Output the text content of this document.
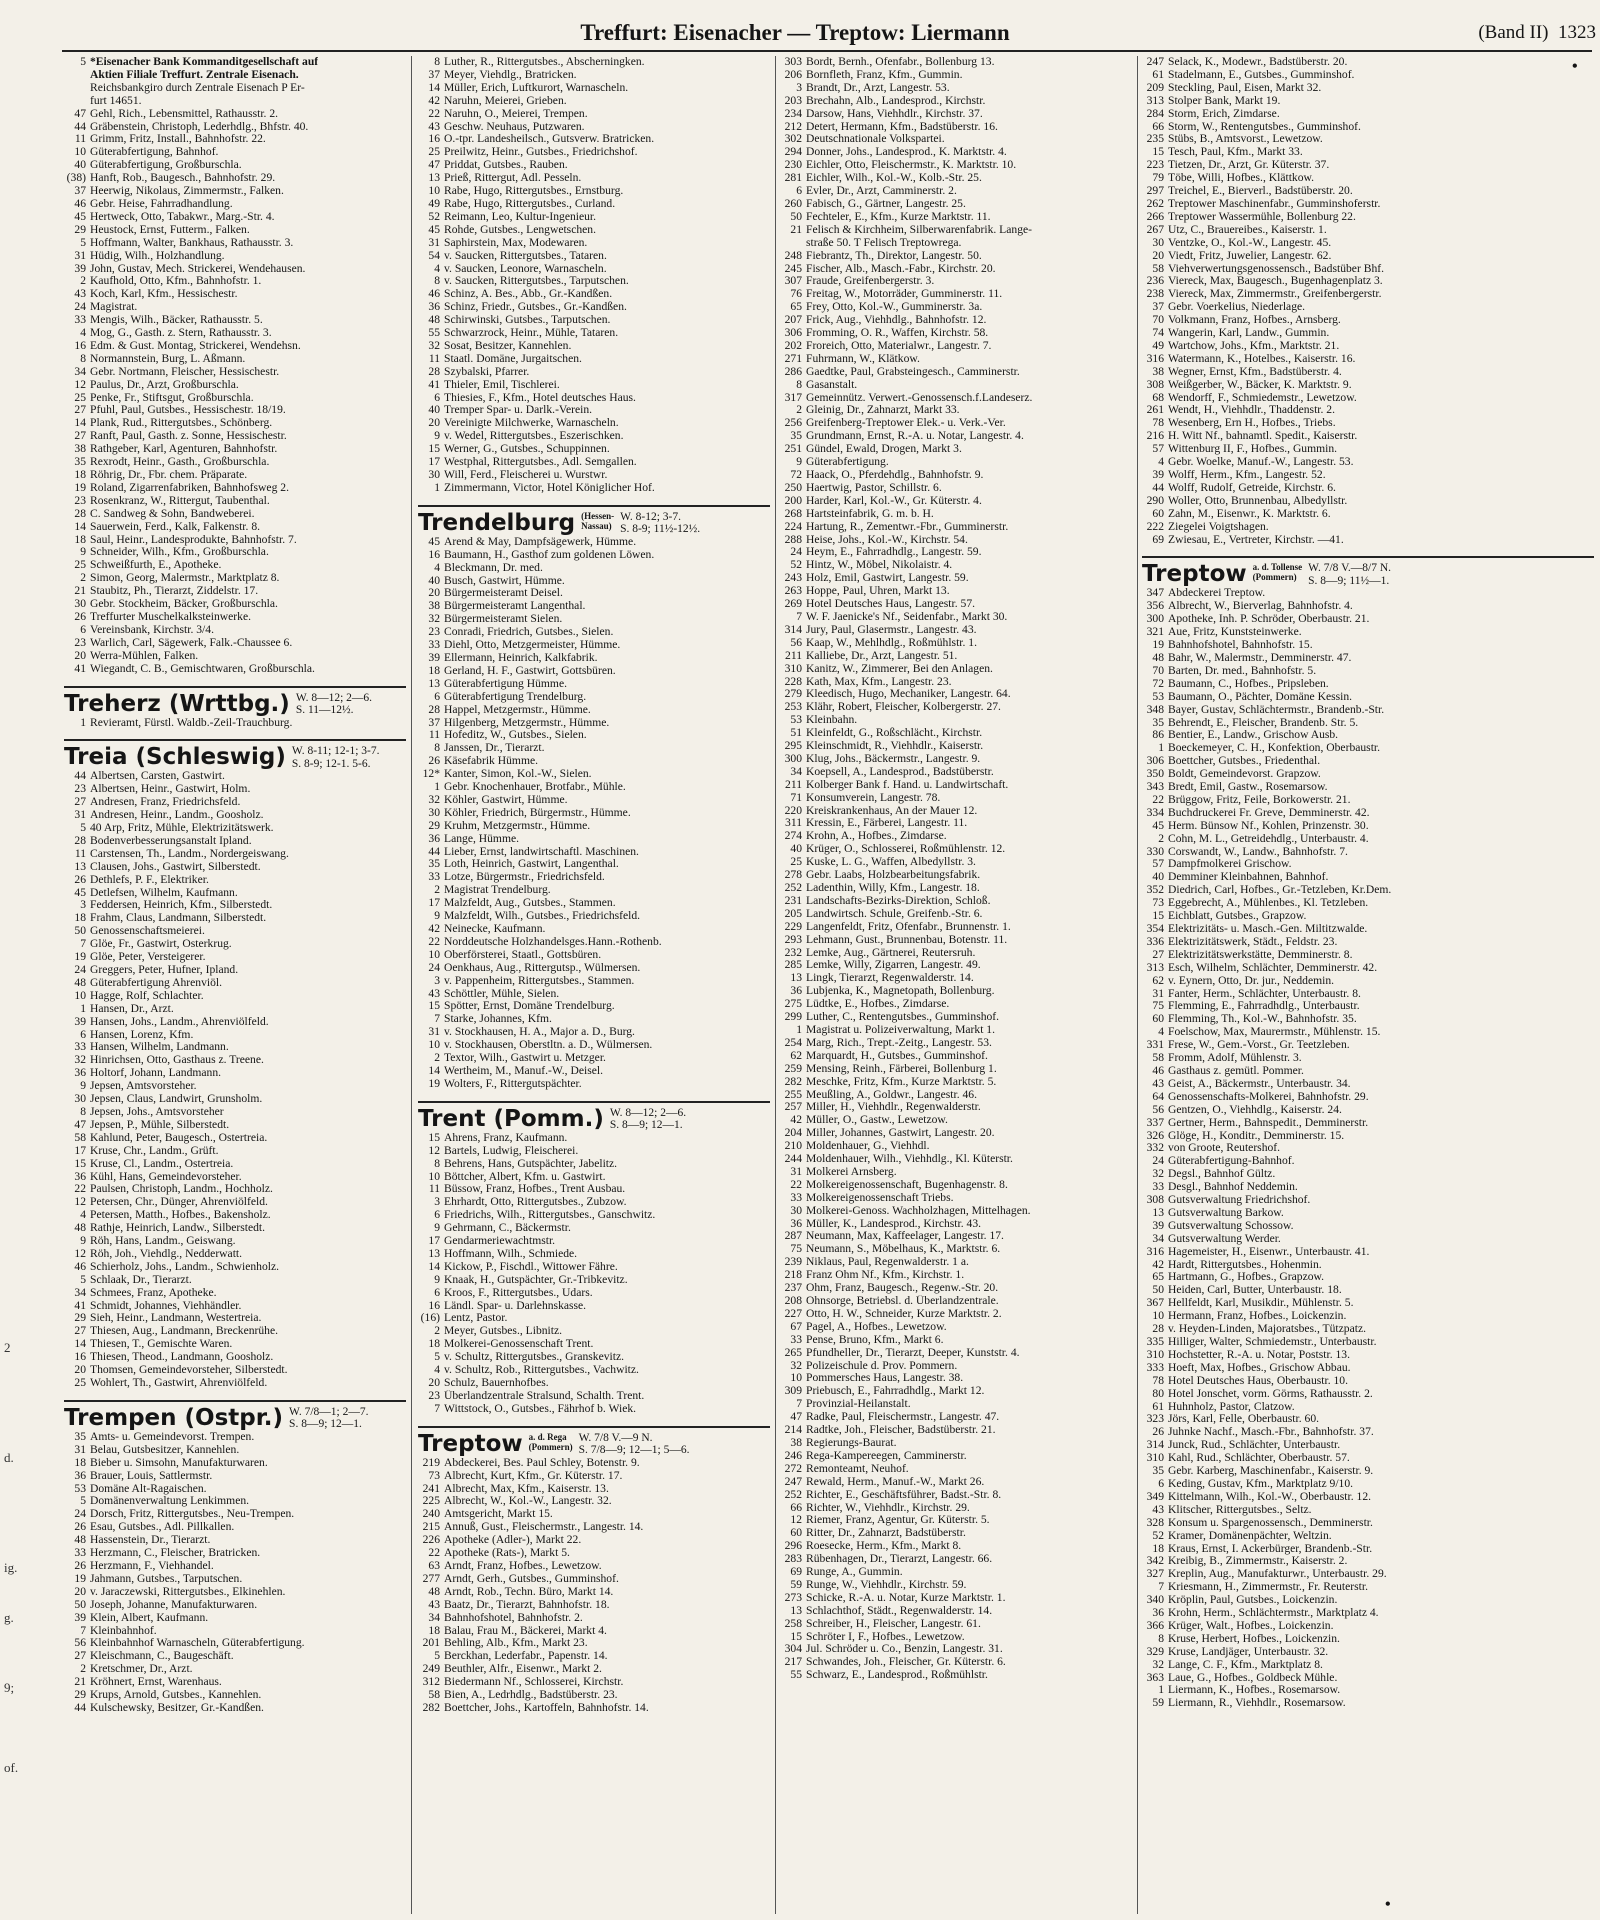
Treffurt: Eisenacher — Treptow: Liermann	(Band II) 1323
•
•
2
d.
ig.
g.
9;
of.
5 *Eisenacher Bank Kommanditgesellschaft auf
Aktien Filiale Treffurt. Zentrale Eisenach.
Reichsbankgiro durch Zentrale Eisenach P Er-
furt 14651.
47 Gehl, Rich., Lebensmittel, Rathausstr. 2.
44 Gräbenstein, Christoph, Lederhdlg., Bhfstr. 40.
11 Grimm, Fritz, Install., Bahnhofstr. 22.
10 Güterabfertigung, Bahnhof.
40 Güterabfertigung, Großburschla.
(38) Hanft, Rob., Baugesch., Bahnhofstr. 29.
37 Heerwig, Nikolaus, Zimmermstr., Falken.
46 Gebr. Heise, Fahrradhandlung.
45 Hertweck, Otto, Tabakwr., Marg.-Str. 4.
29 Heustock, Ernst, Futterm., Falken.
5 Hoffmann, Walter, Bankhaus, Rathausstr. 3.
31 Hüdig, Wilh., Holzhandlung.
39 John, Gustav, Mech. Strickerei, Wendehausen.
2 Kaufhold, Otto, Kfm., Bahnhofstr. 1.
43 Koch, Karl, Kfm., Hessischestr.
24 Magistrat.
33 Mengis, Wilh., Bäcker, Rathausstr. 5.
4 Mog, G., Gasth. z. Stern, Rathausstr. 3.
16 Edm. & Gust. Montag, Strickerei, Wendehsn.
8 Normannstein, Burg, L. Aßmann.
34 Gebr. Nortmann, Fleischer, Hessischestr.
12 Paulus, Dr., Arzt, Großburschla.
25 Penke, Fr., Stiftsgut, Großburschla.
27 Pfuhl, Paul, Gutsbes., Hessischestr. 18/19.
14 Plank, Rud., Rittergutsbes., Schönberg.
27 Ranft, Paul, Gasth. z. Sonne, Hessischestr.
38 Rathgeber, Karl, Agenturen, Bahnhofstr.
35 Rexrodt, Heinr., Gasth., Großburschla.
18 Röhrig, Dr., Fbr. chem. Präparate.
19 Roland, Zigarrenfabriken, Bahnhofsweg 2.
23 Rosenkranz, W., Rittergut, Taubenthal.
28 C. Sandweg & Sohn, Bandweberei.
14 Sauerwein, Ferd., Kalk, Falkenstr. 8.
18 Saul, Heinr., Landesprodukte, Bahnhofstr. 7.
9 Schneider, Wilh., Kfm., Großburschla.
25 Schweißfurth, E., Apotheke.
2 Simon, Georg, Malermstr., Marktplatz 8.
21 Staubitz, Ph., Tierarzt, Ziddelstr. 17.
30 Gebr. Stockheim, Bäcker, Großburschla.
26 Treffurter Muschelkalksteinwerke.
6 Vereinsbank, Kirchstr. 3/4.
23 Warlich, Carl, Sägewerk, Falk.-Chaussee 6.
20 Werra-Mühlen, Falken.
41 Wiegandt, C. B., Gemischtwaren, Großburschla.
Treherz (Wrttbg.) W. 8—12; 2—6.
S. 11—12½.
1 Revieramt, Fürstl. Waldb.-Zeil-Trauchburg.
Treia (Schleswig) W. 8-11; 12-1; 3-7.
S. 8-9; 12-1. 5-6.
44 Albertsen, Carsten, Gastwirt.
23 Albertsen, Heinr., Gastwirt, Holm.
27 Andresen, Franz, Friedrichsfeld.
31 Andresen, Heinr., Landm., Goosholz.
5 40 Arp, Fritz, Mühle, Elektrizitätswerk.
28 Bodenverbesserungsanstalt Ipland.
11 Carstensen, Th., Landm., Nordergeiswang.
13 Clausen, Johs., Gastwirt, Silberstedt.
26 Dethlefs, P. F., Elektriker.
45 Detlefsen, Wilhelm, Kaufmann.
3 Feddersen, Heinrich, Kfm., Silberstedt.
18 Frahm, Claus, Landmann, Silberstedt.
50 Genossenschaftsmeierei.
7 Glöe, Fr., Gastwirt, Osterkrug.
19 Glöe, Peter, Versteigerer.
24 Greggers, Peter, Hufner, Ipland.
48 Güterabfertigung Ahrenviöl.
10 Hagge, Rolf, Schlachter.
1 Hansen, Dr., Arzt.
39 Hansen, Johs., Landm., Ahrenviölfeld.
6 Hansen, Lorenz, Kfm.
33 Hansen, Wilhelm, Landmann.
32 Hinrichsen, Otto, Gasthaus z. Treene.
36 Holtorf, Johann, Landmann.
9 Jepsen, Amtsvorsteher.
30 Jepsen, Claus, Landwirt, Grunsholm.
8 Jepsen, Johs., Amtsvorsteher
47 Jepsen, P., Mühle, Silberstedt.
58 Kahlund, Peter, Baugesch., Ostertreia.
17 Kruse, Chr., Landm., Grüft.
15 Kruse, Cl., Landm., Ostertreia.
36 Kühl, Hans, Gemeindevorsteher.
22 Paulsen, Christoph, Landm., Hochholz.
12 Petersen, Chr., Dünger, Ahrenviölfeld.
4 Petersen, Matth., Hofbes., Bakensholz.
48 Rathje, Heinrich, Landw., Silberstedt.
9 Röh, Hans, Landm., Geiswang.
12 Röh, Joh., Viehdlg., Nedderwatt.
46 Schierholz, Johs., Landm., Schwienholz.
5 Schlaak, Dr., Tierarzt.
34 Schmees, Franz, Apotheke.
41 Schmidt, Johannes, Viehhändler.
29 Sieh, Heinr., Landmann, Westertreia.
27 Thiesen, Aug., Landmann, Breckenrühe.
14 Thiesen, T., Gemischte Waren.
16 Thiesen, Theod., Landmann, Goosholz.
20 Thomsen, Gemeindevorsteher, Silberstedt.
25 Wohlert, Th., Gastwirt, Ahrenviölfeld.
Trempen (Ostpr.) W. 7/8—1; 2—7.
S. 8—9; 12—1.
35 Amts- u. Gemeindevorst. Trempen.
31 Belau, Gutsbesitzer, Kannehlen.
18 Bieber u. Simsohn, Manufakturwaren.
36 Brauer, Louis, Sattlermstr.
53 Domäne Alt-Ragaischen.
5 Domänenverwaltung Lenkimmen.
24 Dorsch, Fritz, Rittergutsbes., Neu-Trempen.
26 Esau, Gutsbes., Adl. Pillkallen.
48 Hassenstein, Dr., Tierarzt.
33 Herzmann, C., Fleischer, Bratricken.
26 Herzmann, F., Viehhandel.
19 Jahmann, Gutsbes., Tarputschen.
20 v. Jaraczewski, Rittergutsbes., Elkinehlen.
50 Joseph, Johanne, Manufakturwaren.
39 Klein, Albert, Kaufmann.
7 Kleinbahnhof.
56 Kleinbahnhof Warnascheln, Güterabfertigung.
27 Kleischmann, C., Baugeschäft.
2 Kretschmer, Dr., Arzt.
21 Kröhnert, Ernst, Warenhaus.
29 Krups, Arnold, Gutsbes., Kannehlen.
44 Kulschewsky, Besitzer, Gr.-Kandßen.
8 Luther, R., Rittergutsbes., Abscherningken.
37 Meyer, Viehdlg., Bratricken.
14 Müller, Erich, Luftkurort, Warnascheln.
42 Naruhn, Meierei, Grieben.
22 Naruhn, O., Meierei, Trempen.
43 Geschw. Neuhaus, Putzwaren.
16 O.-tpr. Landesheilsch., Gutsverw. Bratricken.
25 Preilwitz, Heinr., Gutsbes., Friedrichshof.
47 Priddat, Gutsbes., Rauben.
13 Prieß, Rittergut, Adl. Pesseln.
10 Rabe, Hugo, Rittergutsbes., Ernstburg.
49 Rabe, Hugo, Rittergutsbes., Curland.
52 Reimann, Leo, Kultur-Ingenieur.
45 Rohde, Gutsbes., Lengwetschen.
31 Saphirstein, Max, Modewaren.
54 v. Saucken, Rittergutsbes., Tataren.
4 v. Saucken, Leonore, Warnascheln.
8 v. Saucken, Rittergutsbes., Tarputschen.
46 Schinz, A. Bes., Abb., Gr.-Kandßen.
36 Schinz, Friedr., Gutsbes., Gr.-Kandßen.
48 Schirwinski, Gutsbes., Tarputschen.
55 Schwarzrock, Heinr., Mühle, Tataren.
32 Sosat, Besitzer, Kannehlen.
11 Staatl. Domäne, Jurgaitschen.
28 Szybalski, Pfarrer.
41 Thieler, Emil, Tischlerei.
6 Thiesies, F., Kfm., Hotel deutsches Haus.
40 Tremper Spar- u. Darlk.-Verein.
20 Vereinigte Milchwerke, Warnascheln.
9 v. Wedel, Rittergutsbes., Eszerischken.
15 Werner, G., Gutsbes., Schuppinnen.
17 Westphal, Rittergutsbes., Adl. Semgallen.
30 Will, Ferd., Fleischerei u. Wurstwr.
1 Zimmermann, Victor, Hotel Königlicher Hof.
Trendelburg (Hessen-
Nassau)
W. 8-12; 3-7.
S. 8-9; 11½-12½.
45 Arend & May, Dampfsägewerk, Hümme.
16 Baumann, H., Gasthof zum goldenen Löwen.
4 Bleckmann, Dr. med.
40 Busch, Gastwirt, Hümme.
20 Bürgermeisteramt Deisel.
38 Bürgermeisteramt Langenthal.
32 Bürgermeisteramt Sielen.
23 Conradi, Friedrich, Gutsbes., Sielen.
33 Diehl, Otto, Metzgermeister, Hümme.
39 Ellermann, Heinrich, Kalkfabrik.
18 Gerland, H. F., Gastwirt, Gottsbüren.
13 Güterabfertigung Hümme.
6 Güterabfertigung Trendelburg.
28 Happel, Metzgermstr., Hümme.
37 Hilgenberg, Metzgermstr., Hümme.
11 Hofeditz, W., Gutsbes., Sielen.
8 Janssen, Dr., Tierarzt.
26 Käsefabrik Hümme.
12* Kanter, Simon, Kol.-W., Sielen.
1 Gebr. Knochenhauer, Brotfabr., Mühle.
32 Köhler, Gastwirt, Hümme.
30 Köhler, Friedrich, Bürgermstr., Hümme.
29 Kruhm, Metzgermstr., Hümme.
36 Lange, Hümme.
44 Lieber, Ernst, landwirtschaftl. Maschinen.
35 Loth, Heinrich, Gastwirt, Langenthal.
33 Lotze, Bürgermstr., Friedrichsfeld.
2 Magistrat Trendelburg.
17 Malzfeldt, Aug., Gutsbes., Stammen.
9 Malzfeldt, Wilh., Gutsbes., Friedrichsfeld.
42 Neinecke, Kaufmann.
22 Norddeutsche Holzhandelsges.Hann.-Rothenb.
10 Oberförsterei, Staatl., Gottsbüren.
24 Oenkhaus, Aug., Rittergutsp., Wülmersen.
3 v. Pappenheim, Rittergutsbes., Stammen.
43 Schöttler, Mühle, Sielen.
15 Spötter, Ernst, Domäne Trendelburg.
7 Starke, Johannes, Kfm.
31 v. Stockhausen, H. A., Major a. D., Burg.
10 v. Stockhausen, Oberstltn. a. D., Wülmersen.
2 Textor, Wilh., Gastwirt u. Metzger.
14 Wertheim, M., Manuf.-W., Deisel.
19 Wolters, F., Rittergutspächter.
Trent (Pomm.) W. 8—12; 2—6.
S. 8—9; 12—1.
15 Ahrens, Franz, Kaufmann.
12 Bartels, Ludwig, Fleischerei.
8 Behrens, Hans, Gutspächter, Jabelitz.
10 Böttcher, Albert, Kfm. u. Gastwirt.
11 Büssow, Franz, Hofbes., Trent Ausbau.
3 Ehrhardt, Otto, Rittergutsbes., Zubzow.
6 Friedrichs, Wilh., Rittergutsbes., Ganschwitz.
9 Gehrmann, C., Bäckermstr.
17 Gendarmeriewachtmstr.
13 Hoffmann, Wilh., Schmiede.
14 Kickow, P., Fischdl., Wittower Fähre.
9 Knaak, H., Gutspächter, Gr.-Tribkevitz.
6 Kroos, F., Rittergutsbes., Udars.
16 Ländl. Spar- u. Darlehnskasse.
(16) Lentz, Pastor.
2 Meyer, Gutsbes., Libnitz.
18 Molkerei-Genossenschaft Trent.
5 v. Schultz, Rittergutsbes., Granskevitz.
4 v. Schultz, Rob., Rittergutsbes., Vachwitz.
20 Schulz, Bauernhofbes.
23 Überlandzentrale Stralsund, Schalth. Trent.
7 Wittstock, O., Gutsbes., Fährhof b. Wiek.
Treptow a. d. Rega
(Pommern)
W. 7/8 V.—9 N.
S. 7/8—9; 12—1; 5—6.
219 Abdeckerei, Bes. Paul Schley, Botenstr. 9.
73 Albrecht, Kurt, Kfm., Gr. Küterstr. 17.
241 Albrecht, Max, Kfm., Kaiserstr. 13.
225 Albrecht, W., Kol.-W., Langestr. 32.
240 Amtsgericht, Markt 15.
215 Annuß, Gust., Fleischermstr., Langestr. 14.
226 Apotheke (Adler-), Markt 22.
22 Apotheke (Rats-), Markt 5.
63 Arndt, Franz, Hofbes., Lewetzow.
277 Arndt, Gerh., Gutsbes., Gumminshof.
48 Arndt, Rob., Techn. Büro, Markt 14.
43 Baatz, Dr., Tierarzt, Bahnhofstr. 18.
34 Bahnhofshotel, Bahnhofstr. 2.
18 Balau, Frau M., Bäckerei, Markt 4.
201 Behling, Alb., Kfm., Markt 23.
5 Berckhan, Lederfabr., Papenstr. 14.
249 Beuthler, Alfr., Eisenwr., Markt 2.
312 Biedermann Nf., Schlosserei, Kirchstr.
58 Bien, A., Ledrhdlg., Badstüberstr. 23.
282 Boettcher, Johs., Kartoffeln, Bahnhofstr. 14.
303 Bordt, Bernh., Ofenfabr., Bollenburg 13.
206 Bornfleth, Franz, Kfm., Gummin.
3 Brandt, Dr., Arzt, Langestr. 53.
203 Brechahn, Alb., Landesprod., Kirchstr.
234 Darsow, Hans, Viehhdlr., Kirchstr. 37.
212 Detert, Hermann, Kfm., Badstüberstr. 16.
302 Deutschnationale Volkspartei.
294 Donner, Johs., Landesprod., K. Marktstr. 4.
230 Eichler, Otto, Fleischermstr., K. Marktstr. 10.
281 Eichler, Wilh., Kol.-W., Kolb.-Str. 25.
6 Evler, Dr., Arzt, Camminerstr. 2.
260 Fabisch, G., Gärtner, Langestr. 25.
50 Fechteler, E., Kfm., Kurze Marktstr. 11.
21 Felisch & Kirchheim, Silberwarenfabrik. Lange-
straße 50. T Felisch Treptowrega.
248 Fiebrantz, Th., Direktor, Langestr. 50.
245 Fischer, Alb., Masch.-Fabr., Kirchstr. 20.
307 Fraude, Greifenbergerstr. 3.
76 Freitag, W., Motorräder, Gumminerstr. 11.
65 Frey, Otto, Kol.-W., Gumminerstr. 3a.
207 Frick, Aug., Viehhdlg., Bahnhofstr. 12.
306 Fromming, O. R., Waffen, Kirchstr. 58.
202 Froreich, Otto, Materialwr., Langestr. 7.
271 Fuhrmann, W., Klätkow.
286 Gaedtke, Paul, Grabsteingesch., Camminerstr.
8 Gasanstalt.
317 Gemeinnütz. Verwert.-Genossensch.f.Landeserz.
2 Gleinig, Dr., Zahnarzt, Markt 33.
256 Greifenberg-Treptower Elek.- u. Verk.-Ver.
35 Grundmann, Ernst, R.-A. u. Notar, Langestr. 4.
251 Gündel, Ewald, Drogen, Markt 3.
9 Güterabfertigung.
72 Haack, O., Pferdehdlg., Bahnhofstr. 9.
250 Haertwig, Pastor, Schillstr. 6.
200 Harder, Karl, Kol.-W., Gr. Küterstr. 4.
268 Hartsteinfabrik, G. m. b. H.
224 Hartung, R., Zementwr.-Fbr., Gumminerstr.
288 Heise, Johs., Kol.-W., Kirchstr. 54.
24 Heym, E., Fahrradhdlg., Langestr. 59.
52 Hintz, W., Möbel, Nikolaistr. 4.
243 Holz, Emil, Gastwirt, Langestr. 59.
263 Hoppe, Paul, Uhren, Markt 13.
269 Hotel Deutsches Haus, Langestr. 57.
7 W. F. Jaenicke's Nf., Seidenfabr., Markt 30.
314 Jury, Paul, Glasermstr., Langestr. 43.
56 Kaap, W., Mehlhdlg., Roßmühlstr. 1.
211 Kalliebe, Dr., Arzt, Langestr. 51.
310 Kanitz, W., Zimmerer, Bei den Anlagen.
228 Kath, Max, Kfm., Langestr. 23.
279 Kleedisch, Hugo, Mechaniker, Langestr. 64.
253 Klähr, Robert, Fleischer, Kolbergerstr. 27.
53 Kleinbahn.
51 Kleinfeldt, G., Roßschlächt., Kirchstr.
295 Kleinschmidt, R., Viehhdlr., Kaiserstr.
300 Klug, Johs., Bäckermstr., Langestr. 9.
34 Koepsell, A., Landesprod., Badstüberstr.
211 Kolberger Bank f. Hand. u. Landwirtschaft.
71 Konsumverein, Langestr. 78.
220 Kreiskrankenhaus, An der Mauer 12.
311 Kressin, E., Färberei, Langestr. 11.
274 Krohn, A., Hofbes., Zimdarse.
40 Krüger, O., Schlosserei, Roßmühlenstr. 12.
25 Kuske, L. G., Waffen, Albedyllstr. 3.
278 Gebr. Laabs, Holzbearbeitungsfabrik.
252 Ladenthin, Willy, Kfm., Langestr. 18.
231 Landschafts-Bezirks-Direktion, Schloß.
205 Landwirtsch. Schule, Greifenb.-Str. 6.
229 Langenfeldt, Fritz, Ofenfabr., Brunnenstr. 1.
293 Lehmann, Gust., Brunnenbau, Botenstr. 11.
232 Lemke, Aug., Gärtnerei, Reutersruh.
285 Lemke, Willy, Zigarren, Langestr. 49.
13 Lingk, Tierarzt, Regenwalderstr. 14.
36 Lubjenka, K., Magnetopath, Bollenburg.
275 Lüdtke, E., Hofbes., Zimdarse.
299 Luther, C., Rentengutsbes., Gumminshof.
1 Magistrat u. Polizeiverwaltung, Markt 1.
254 Marg, Rich., Trept.-Zeitg., Langestr. 53.
62 Marquardt, H., Gutsbes., Gumminshof.
259 Mensing, Reinh., Färberei, Bollenburg 1.
282 Meschke, Fritz, Kfm., Kurze Marktstr. 5.
255 Meußling, A., Goldwr., Langestr. 46.
257 Miller, H., Viehhdlr., Regenwalderstr.
42 Müller, O., Gastw., Lewetzow.
204 Miller, Johannes, Gastwirt, Langestr. 20.
210 Moldenhauer, G., Viehhdl.
244 Moldenhauer, Wilh., Viehhdlg., Kl. Küterstr.
31 Molkerei Arnsberg.
22 Molkereigenossenschaft, Bugenhagenstr. 8.
33 Molkereigenossenschaft Triebs.
30 Molkerei-Genoss. Wachholzhagen, Mittelhagen.
36 Müller, K., Landesprod., Kirchstr. 43.
287 Neumann, Max, Kaffeelager, Langestr. 17.
75 Neumann, S., Möbelhaus, K., Marktstr. 6.
239 Niklaus, Paul, Regenwalderstr. 1 a.
218 Franz Ohm Nf., Kfm., Kirchstr. 1.
237 Ohm, Franz, Baugesch., Regenw.-Str. 20.
208 Ohnsorge, Betriebsl. d. Überlandzentrale.
227 Otto, H. W., Schneider, Kurze Marktstr. 2.
67 Pagel, A., Hofbes., Lewetzow.
33 Pense, Bruno, Kfm., Markt 6.
265 Pfundheller, Dr., Tierarzt, Deeper, Kunststr. 4.
32 Polizeischule d. Prov. Pommern.
10 Pommersches Haus, Langestr. 38.
309 Priebusch, E., Fahrradhdlg., Markt 12.
7 Provinzial-Heilanstalt.
47 Radke, Paul, Fleischermstr., Langestr. 47.
214 Radtke, Joh., Fleischer, Badstüberstr. 21.
38 Regierungs-Baurat.
246 Rega-Kampereegen, Camminerstr.
272 Remonteamt, Neuhof.
247 Rewald, Herm., Manuf.-W., Markt 26.
252 Richter, E., Geschäftsführer, Badst.-Str. 8.
66 Richter, W., Viehhdlr., Kirchstr. 29.
12 Riemer, Franz, Agentur, Gr. Küterstr. 5.
60 Ritter, Dr., Zahnarzt, Badstüberstr.
296 Roesecke, Herm., Kfm., Markt 8.
283 Rübenhagen, Dr., Tierarzt, Langestr. 66.
69 Runge, A., Gummin.
59 Runge, W., Viehhdlr., Kirchstr. 59.
273 Schicke, R.-A. u. Notar, Kurze Marktstr. 1.
13 Schlachthof, Städt., Regenwalderstr. 14.
258 Schreiber, H., Fleischer, Langestr. 61.
15 Schröter I, F., Hofbes., Lewetzow.
304 Jul. Schröder u. Co., Benzin, Langestr. 31.
217 Schwandes, Joh., Fleischer, Gr. Küterstr. 6.
55 Schwarz, E., Landesprod., Roßmühlstr.
247 Selack, K., Modewr., Badstüberstr. 20.
61 Stadelmann, E., Gutsbes., Gumminshof.
209 Steckling, Paul, Eisen, Markt 32.
313 Stolper Bank, Markt 19.
284 Storm, Erich, Zimdarse.
66 Storm, W., Rentengutsbes., Gumminshof.
235 Stübs, B., Amtsvorst., Lewetzow.
15 Tesch, Paul, Kfm., Markt 33.
223 Tietzen, Dr., Arzt, Gr. Küterstr. 37.
79 Töbe, Willi, Hofbes., Klättkow.
297 Treichel, E., Bierverl., Badstüberstr. 20.
262 Treptower Maschinenfabr., Gumminshoferstr.
266 Treptower Wassermühle, Bollenburg 22.
267 Utz, C., Brauereibes., Kaiserstr. 1.
30 Ventzke, O., Kol.-W., Langestr. 45.
20 Viedt, Fritz, Juwelier, Langestr. 62.
58 Viehverwertungsgenossensch., Badstüber Bhf.
236 Viereck, Max, Baugesch., Bugenhagenplatz 3.
238 Viereck, Max, Zimmermstr., Greifenbergerstr.
37 Gebr. Voerkelius, Niederlage.
70 Volkmann, Franz, Hofbes., Arnsberg.
74 Wangerin, Karl, Landw., Gummin.
49 Wartchow, Johs., Kfm., Marktstr. 21.
316 Watermann, K., Hotelbes., Kaiserstr. 16.
38 Wegner, Ernst, Kfm., Badstüberstr. 4.
308 Weißgerber, W., Bäcker, K. Marktstr. 9.
68 Wendorff, F., Schmiedemstr., Lewetzow.
261 Wendt, H., Viehhdlr., Thaddenstr. 2.
78 Wesenberg, Ern H., Hofbes., Triebs.
216 H. Witt Nf., bahnamtl. Spedit., Kaiserstr.
57 Wittenburg II, F., Hofbes., Gummin.
4 Gebr. Woelke, Manuf.-W., Langestr. 53.
39 Wolff, Herm., Kfm., Langestr. 52.
44 Wolff, Rudolf, Getreide, Kirchstr. 6.
290 Woller, Otto, Brunnenbau, Albedyllstr.
60 Zahn, M., Eisenwr., K. Marktstr. 6.
222 Ziegelei Voigtshagen.
69 Zwiesau, E., Vertreter, Kirchstr. —41.
Treptow a. d. Tollense
(Pommern)
W. 7/8 V.—8/7 N.
S. 8—9; 11½—1.
347 Abdeckerei Treptow.
356 Albrecht, W., Bierverlag, Bahnhofstr. 4.
300 Apotheke, Inh. P. Schröder, Oberbaustr. 21.
321 Aue, Fritz, Kunststeinwerke.
19 Bahnhofshotel, Bahnhofstr. 15.
48 Bahr, W., Malermstr., Demminerstr. 47.
70 Barten, Dr. med., Bahnhofstr. 5.
72 Baumann, C., Hofbes., Pripsleben.
53 Baumann, O., Pächter, Domäne Kessin.
348 Bayer, Gustav, Schlächtermstr., Brandenb.-Str.
35 Behrendt, E., Fleischer, Brandenb. Str. 5.
86 Bentier, E., Landw., Grischow Ausb.
1 Boeckemeyer, C. H., Konfektion, Oberbaustr.
306 Boettcher, Gutsbes., Friedenthal.
350 Boldt, Gemeindevorst. Grapzow.
343 Bredt, Emil, Gastw., Rosemarsow.
22 Brüggow, Fritz, Feile, Borkowerstr. 21.
334 Buchdruckerei Fr. Greve, Demminerstr. 42.
45 Herm. Bünsow Nf., Kohlen, Prinzenstr. 30.
2 Cohn, M. L., Getreidehdlg., Unterbaustr. 4.
330 Corswandt, W., Landw., Bahnhofstr. 7.
57 Dampfmolkerei Grischow.
40 Demminer Kleinbahnen, Bahnhof.
352 Diedrich, Carl, Hofbes., Gr.-Tetzleben, Kr.Dem.
73 Eggebrecht, A., Mühlenbes., Kl. Tetzleben.
15 Eichblatt, Gutsbes., Grapzow.
354 Elektrizitäts- u. Masch.-Gen. Miltitzwalde.
336 Elektrizitätswerk, Städt., Feldstr. 23.
27 Elektrizitätswerkstätte, Demminerstr. 8.
313 Esch, Wilhelm, Schlächter, Demminerstr. 42.
62 v. Eynern, Otto, Dr. jur., Neddemin.
31 Fanter, Herm., Schlächter, Unterbaustr. 8.
75 Flemming, E., Fahrradhdlg., Unterbaustr.
60 Flemming, Th., Kol.-W., Bahnhofstr. 35.
4 Foelschow, Max, Maurermstr., Mühlenstr. 15.
331 Frese, W., Gem.-Vorst., Gr. Teetzleben.
58 Fromm, Adolf, Mühlenstr. 3.
46 Gasthaus z. gemütl. Pommer.
43 Geist, A., Bäckermstr., Unterbaustr. 34.
64 Genossenschafts-Molkerei, Bahnhofstr. 29.
56 Gentzen, O., Viehhdlg., Kaiserstr. 24.
337 Gertner, Herm., Bahnspedit., Demminerstr.
326 Glöge, H., Konditr., Demminerstr. 15.
332 von Groote, Reutershof.
24 Güterabfertigung-Bahnhof.
32 Degsl., Bahnhof Gültz.
33 Desgl., Bahnhof Neddemin.
308 Gutsverwaltung Friedrichshof.
13 Gutsverwaltung Barkow.
39 Gutsverwaltung Schossow.
34 Gutsverwaltung Werder.
316 Hagemeister, H., Eisenwr., Unterbaustr. 41.
42 Hardt, Rittergutsbes., Hohenmin.
65 Hartmann, G., Hofbes., Grapzow.
50 Heiden, Carl, Butter, Unterbaustr. 18.
367 Hellfeldt, Karl, Musikdir., Mühlenstr. 5.
10 Hermann, Franz, Hofbes., Loickenzin.
28 v. Heyden-Linden, Majoratsbes., Tützpatz.
335 Hilliger, Walter, Schmiedemstr., Unterbaustr.
310 Hochstetter, R.-A. u. Notar, Poststr. 13.
333 Hoeft, Max, Hofbes., Grischow Abbau.
78 Hotel Deutsches Haus, Oberbaustr. 10.
80 Hotel Jonschet, vorm. Görms, Rathausstr. 2.
61 Huhnholz, Pastor, Clatzow.
323 Jörs, Karl, Felle, Oberbaustr. 60.
26 Juhnke Nachf., Masch.-Fbr., Bahnhofstr. 37.
314 Junck, Rud., Schlächter, Unterbaustr.
310 Kahl, Rud., Schlächter, Oberbaustr. 57.
35 Gebr. Karberg, Maschinenfabr., Kaiserstr. 9.
6 Keding, Gustav, Kfm., Marktplatz 9/10.
349 Kittelmann, Wilh., Kol.-W., Oberbaustr. 12.
43 Klitscher, Rittergutsbes., Seltz.
328 Konsum u. Spargenossensch., Demminerstr.
52 Kramer, Domänenpächter, Weltzin.
18 Kraus, Ernst, I. Ackerbürger, Brandenb.-Str.
342 Kreibig, B., Zimmermstr., Kaiserstr. 2.
327 Kreplin, Aug., Manufakturwr., Unterbaustr. 29.
7 Kriesmann, H., Zimmermstr., Fr. Reuterstr.
340 Kröplin, Paul, Gutsbes., Loickenzin.
36 Krohn, Herm., Schlächtermstr., Marktplatz 4.
366 Krüger, Walt., Hofbes., Loickenzin.
8 Kruse, Herbert, Hofbes., Loickenzin.
329 Kruse, Landjäger, Unterbaustr. 32.
32 Lange, C. F., Kfm., Marktplatz 8.
363 Laue, G., Hofbes., Goldbeck Mühle.
1 Liermann, K., Hofbes., Rosemarsow.
59 Liermann, R., Viehhdlr., Rosemarsow.
